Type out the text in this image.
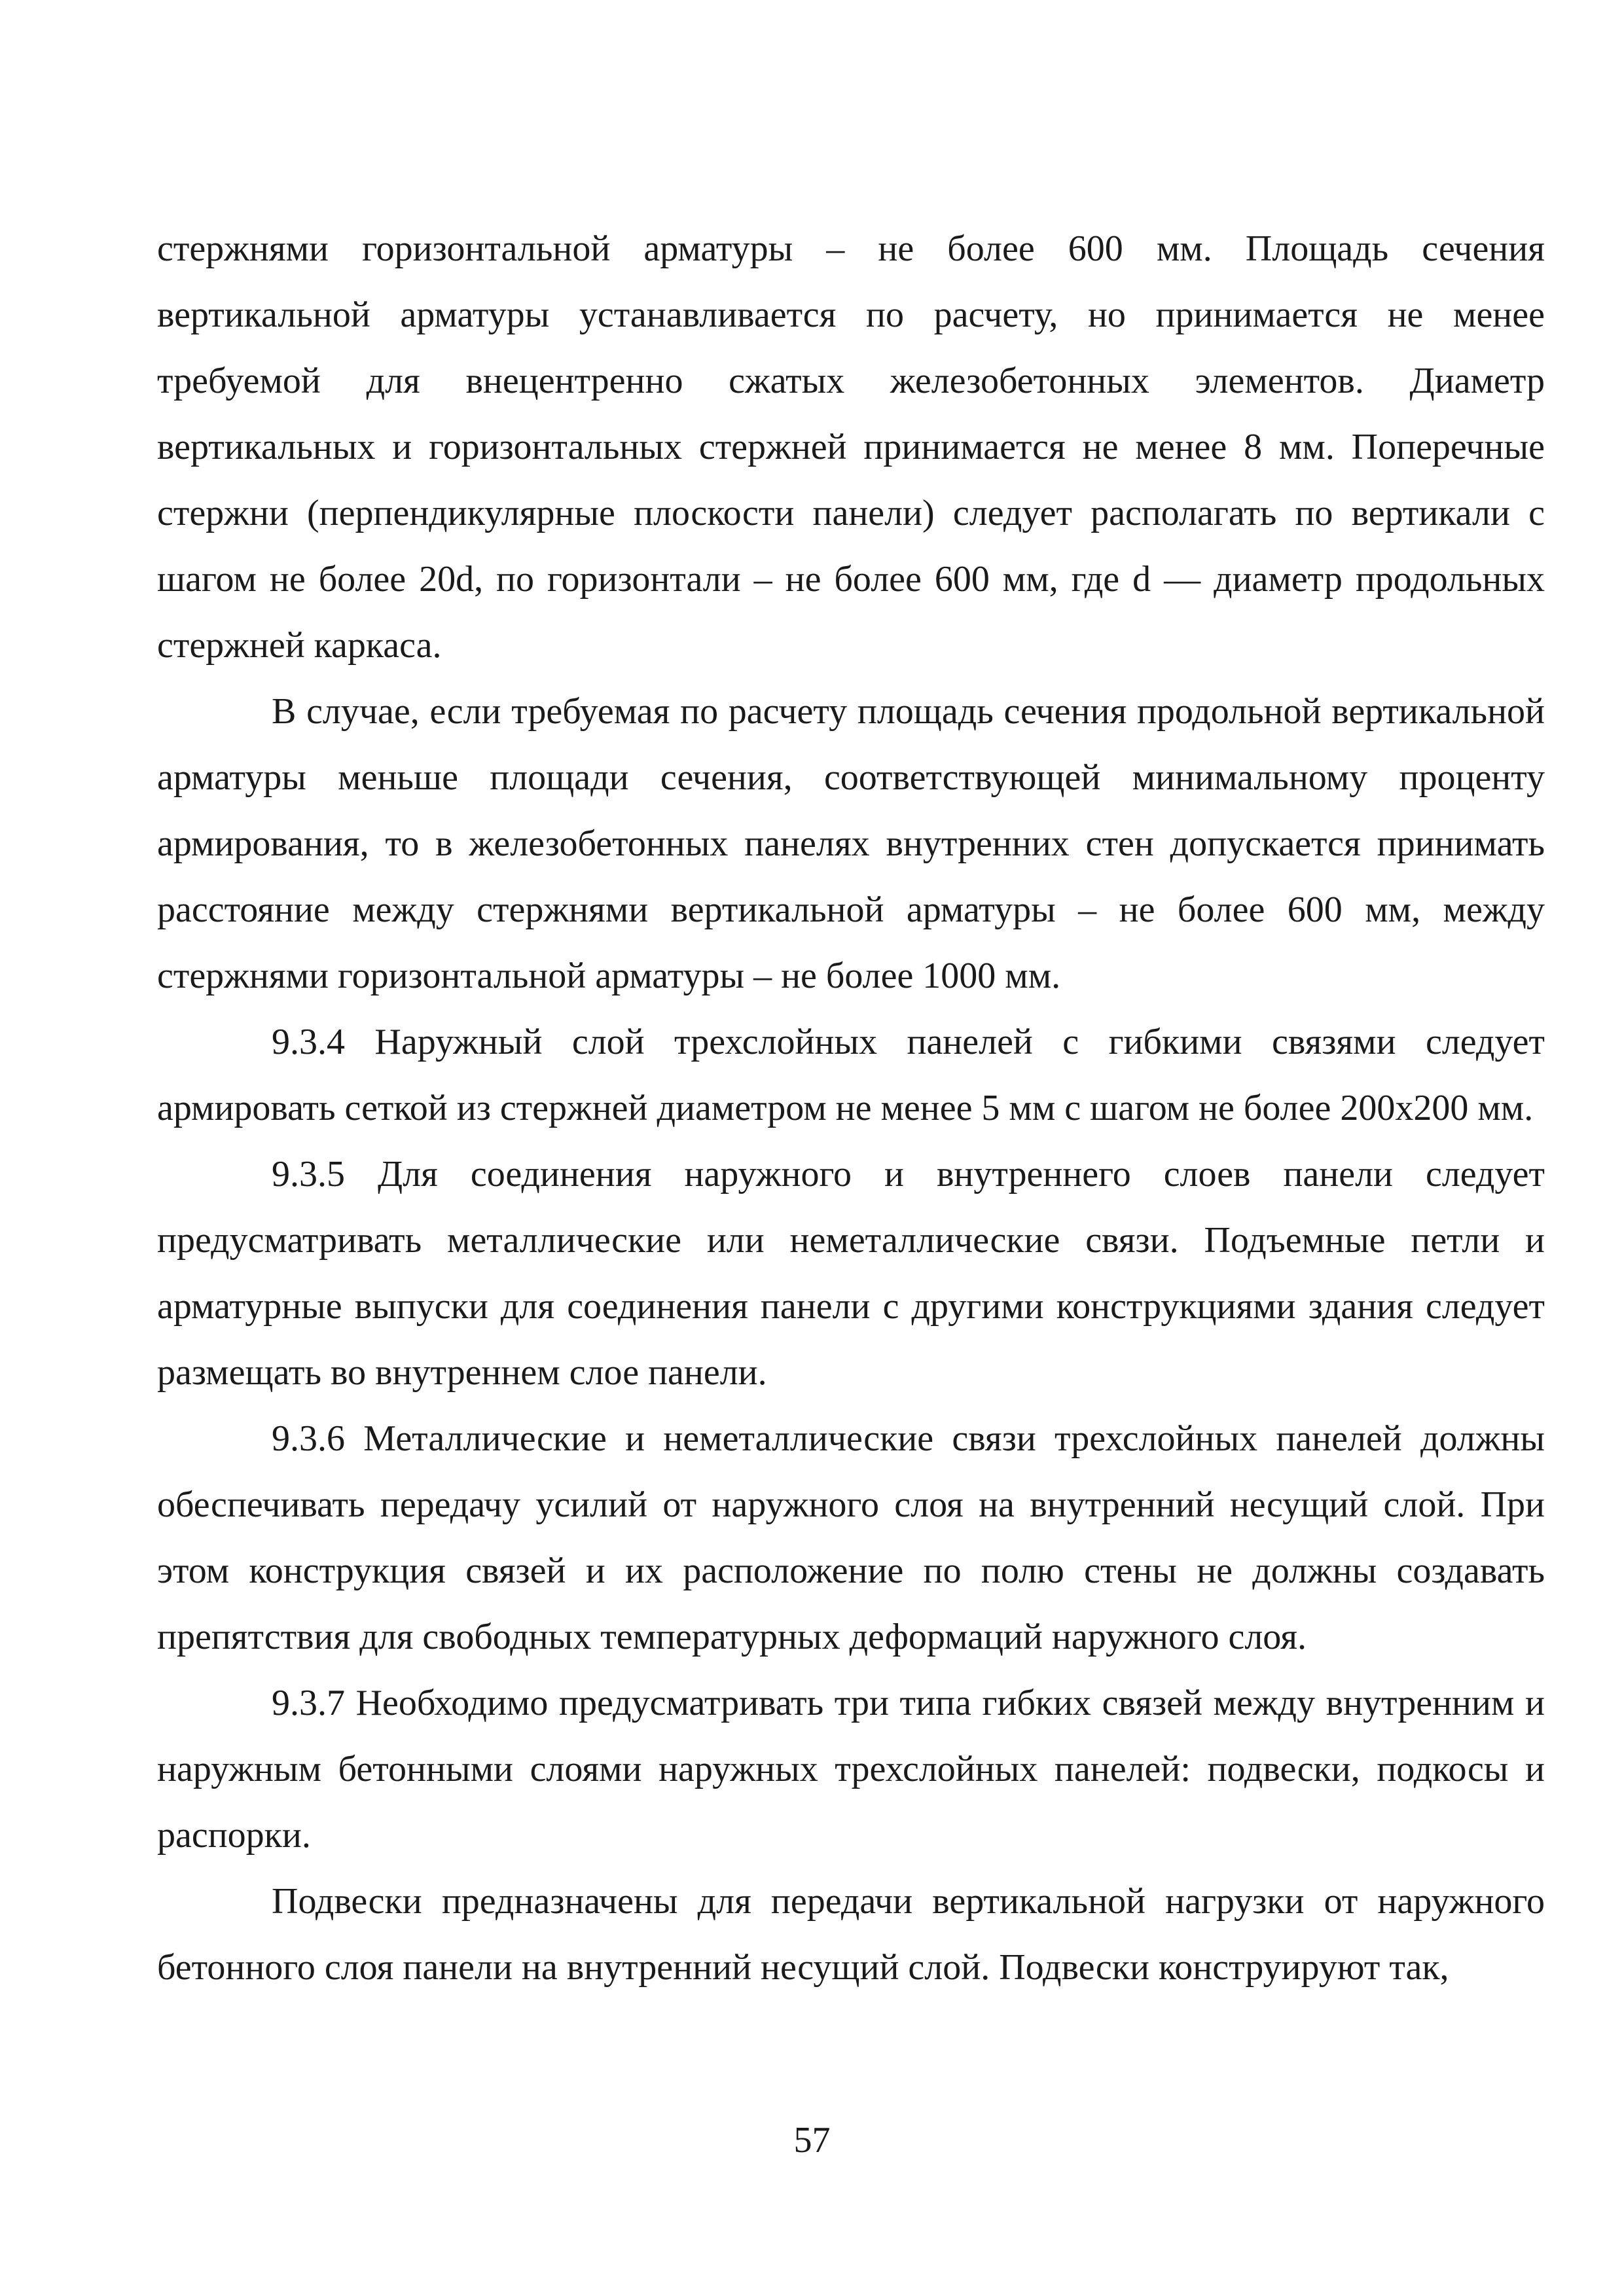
стержнями горизонтальной арматуры – не более 600 мм. Площадь сечения вертикальной арматуры устанавливается по расчету, но принимается не менее требуемой для внецентренно сжатых железобетонных элементов. Диаметр вертикальных и горизонтальных стержней принимается не менее 8 мм. Поперечные стержни (перпендикулярные плоскости панели) следует располагать по вертикали с шагом не более 20d, по горизонтали – не более 600 мм, где d — диаметр продольных стержней каркаса.

В случае, если требуемая по расчету площадь сечения продольной вертикальной арматуры меньше площади сечения, соответствующей минимальному проценту армирования, то в железобетонных панелях внутренних стен допускается принимать расстояние между стержнями вертикальной арматуры – не более 600 мм, между стержнями горизонтальной арматуры – не более 1000 мм.

9.3.4 Наружный слой трехслойных панелей с гибкими связями следует армировать сеткой из стержней диаметром не менее 5 мм с шагом не более 200х200 мм.

9.3.5 Для соединения наружного и внутреннего слоев панели следует предусматривать металлические или неметаллические связи. Подъемные петли и арматурные выпуски для соединения панели с другими конструкциями здания следует размещать во внутреннем слое панели.

9.3.6 Металлические и неметаллические связи трехслойных панелей должны обеспечивать передачу усилий от наружного слоя на внутренний несущий слой. При этом конструкция связей и их расположение по полю стены не должны создавать препятствия для свободных температурных деформаций наружного слоя.

9.3.7 Необходимо предусматривать три типа гибких связей между внутренним и наружным бетонными слоями наружных трехслойных панелей: подвески, подкосы и распорки.

Подвески предназначены для передачи вертикальной нагрузки от наружного бетонного слоя панели на внутренний несущий слой. Подвески конструируют так,

57
